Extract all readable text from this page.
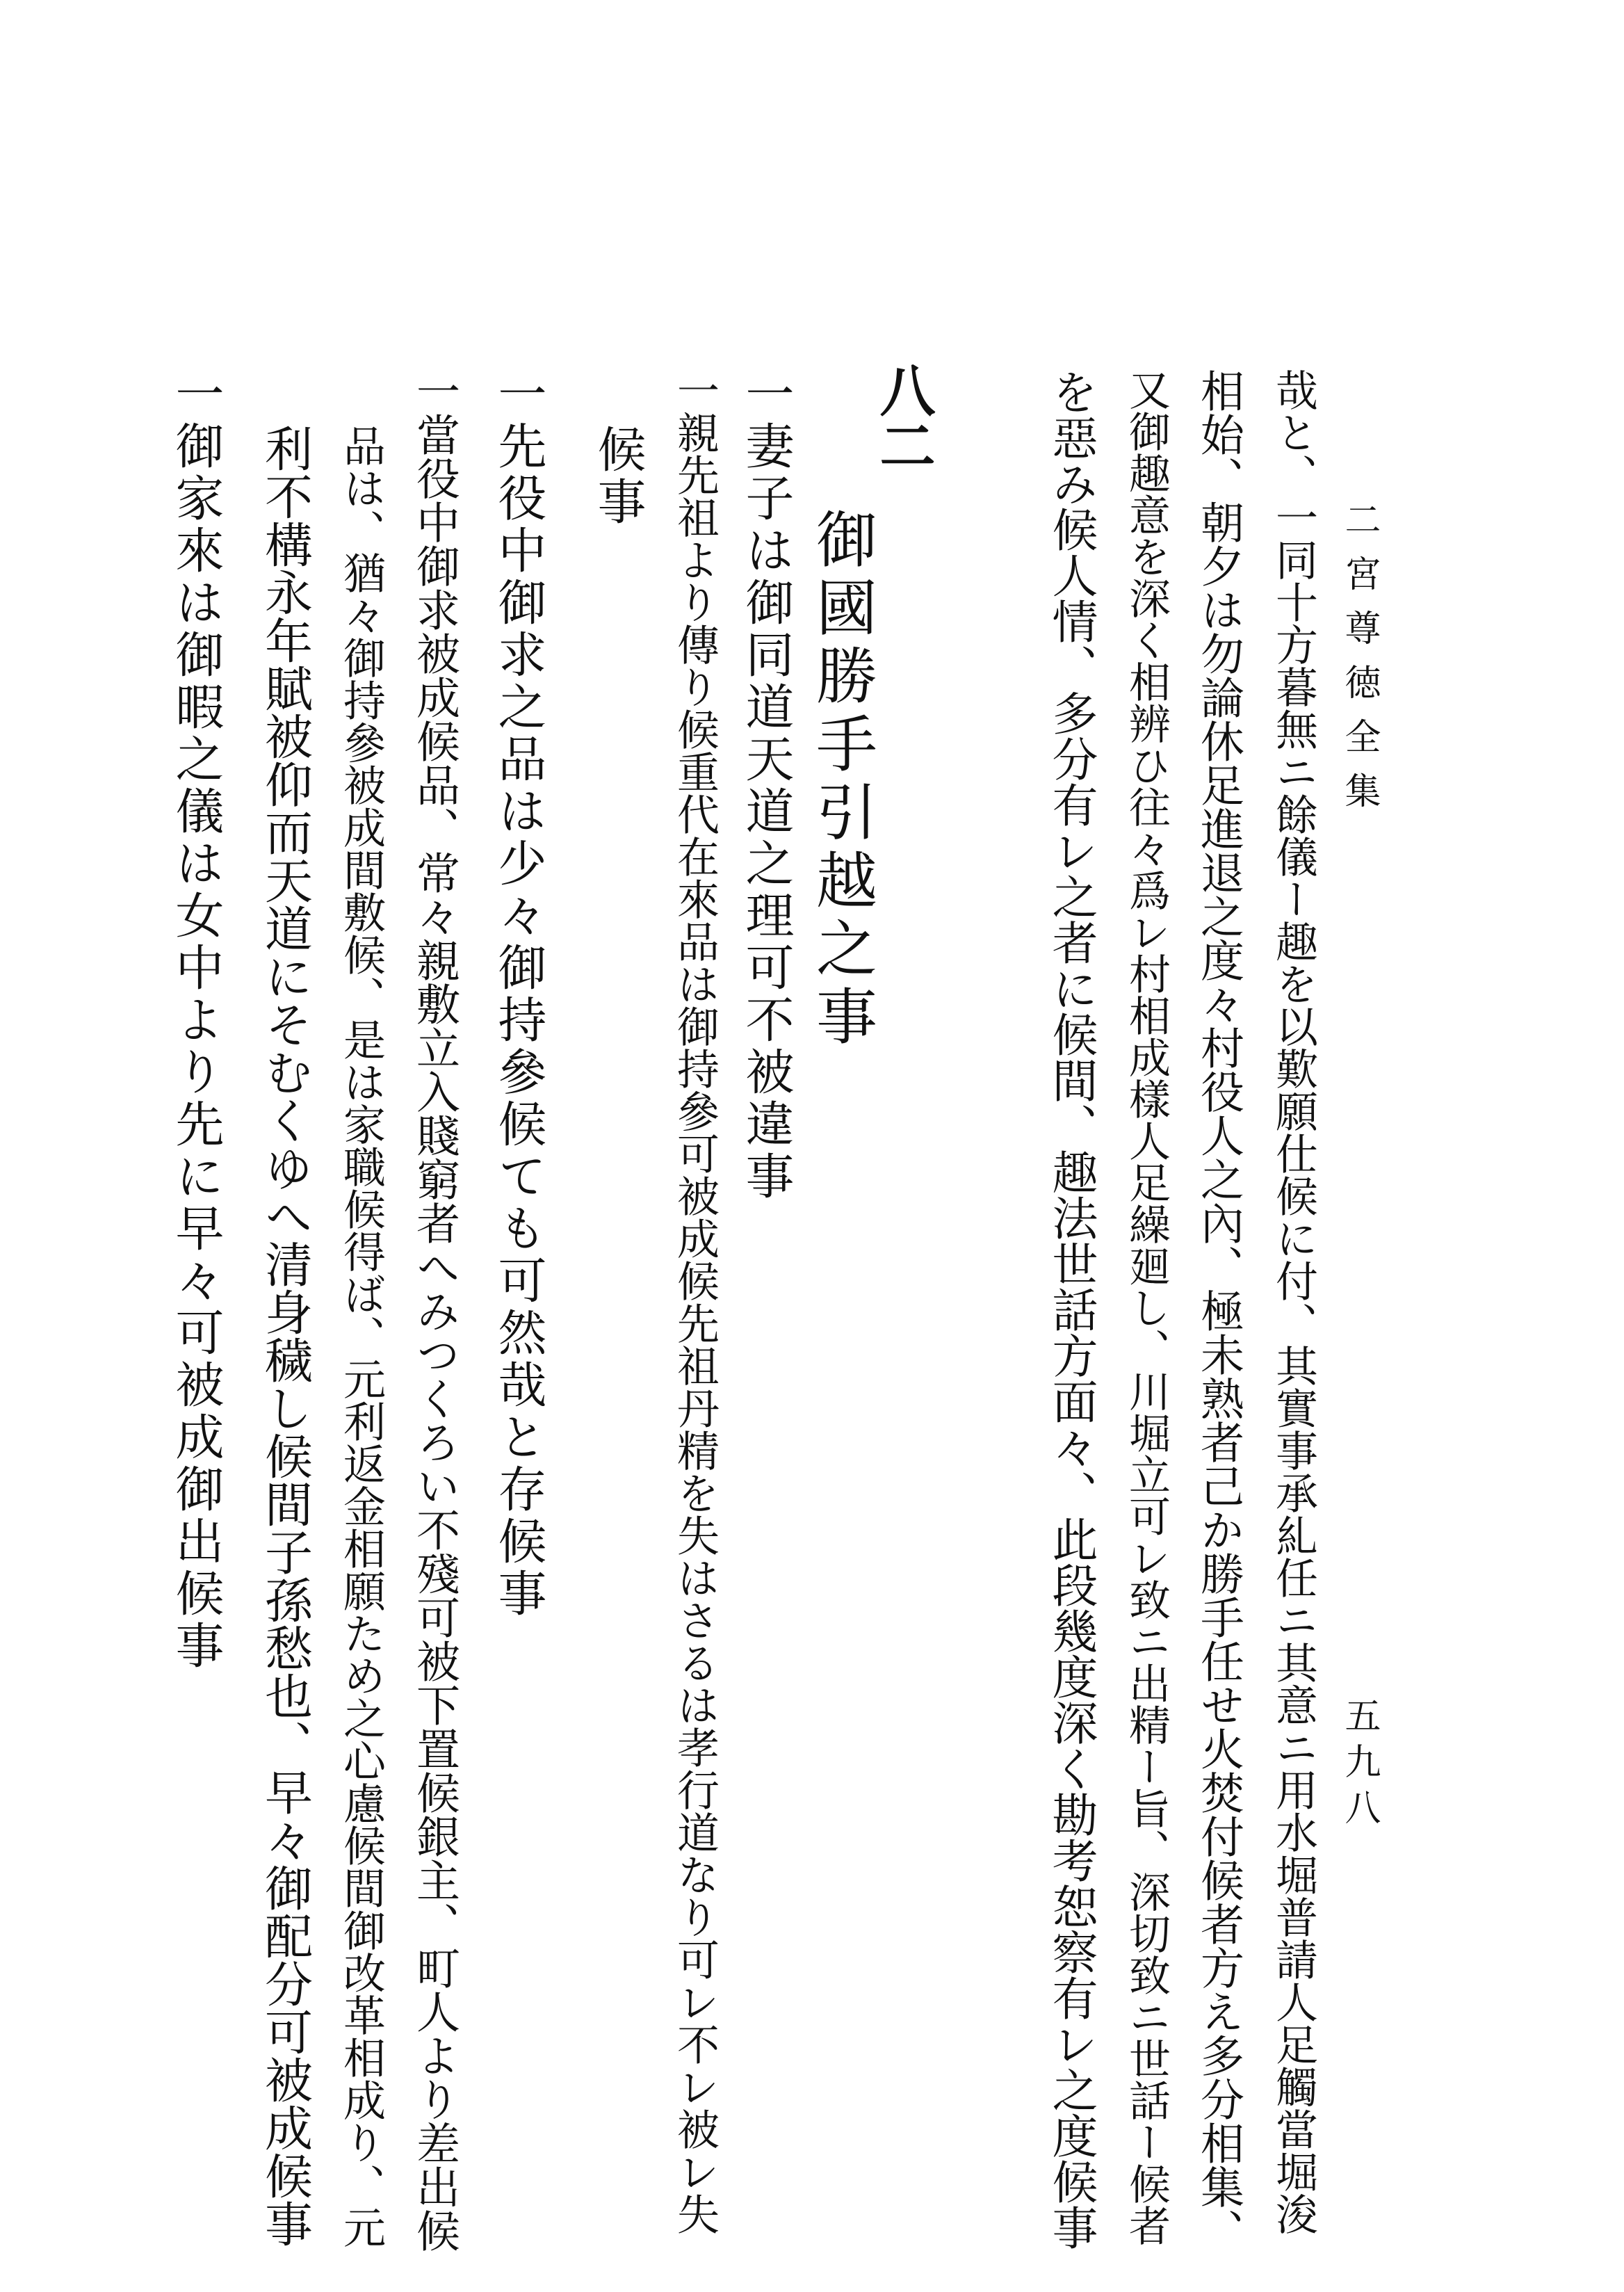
二宮尊徳全集
五九八
哉と、一同十方暮無ニ餘儀ー趣を以歎願仕候に付、其實事承糺任ニ其意ニ用水堀普請人足觸當堀浚
相始、朝夕は勿論休足進退之度々村役人之內、極未熟者己か勝手任せ火焚付候者方え多分相集、
又御趣意を深く相辨ひ往々爲レ村相成樣人足繰廻し、川堀立可レ致ニ出精ー旨、深切致ニ世話ー候者
を惡み候人情、多分有レ之者に候間、趣法世話方面々、此段幾度深く勘考恕察有レ之度候事
八二
御國勝手引越之事
一妻子は御同道天道之理可不被違事
一親先祖より傳り候重代在來品は御持參可被成候先祖丹精を失はさるは孝行道なり可レ不レ被レ失
候事
一先役中御求之品は少々御持參候ても可然哉と存候事
一當役中御求被成候品、常々親敷立入賤窮者へみつくろい不殘可被下置候銀主、町人より差出候
品は、猶々御持參被成間敷候、是は家職候得ば、元利返金相願ため之心慮候間御改革相成り、元
利不構永年賦被仰而天道にそむくゆへ清身穢し候間子孫愁也、早々御配分可被成候事
一御家來は御暇之儀は女中より先に早々可被成御出候事
